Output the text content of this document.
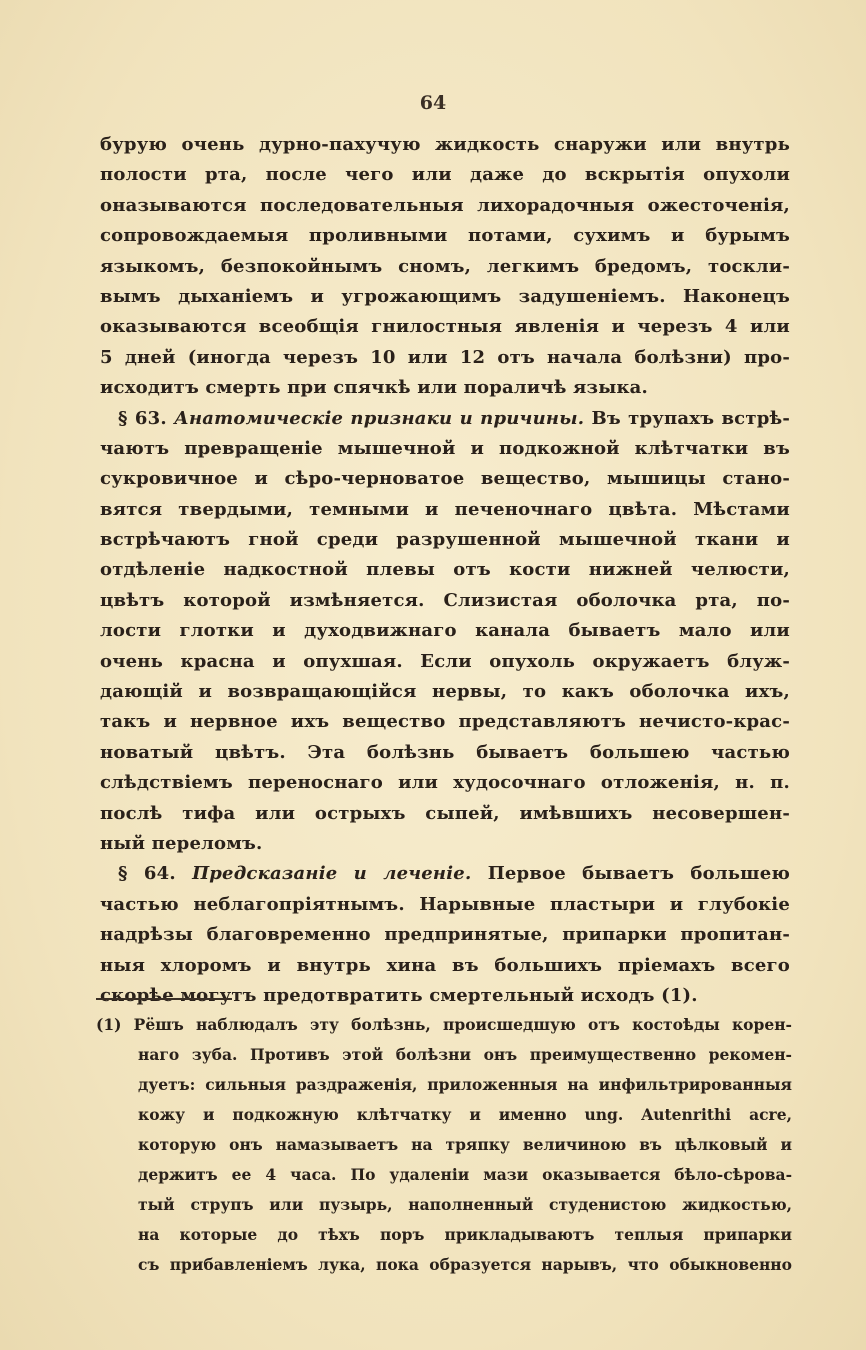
64
бурую очень дурно-пахучую жидкость снаружи или внутрь
полости рта, после чего или даже до вскрытія опухоли
оназываются последовательныя лихорадочныя ожесточенія,
сопровождаемыя проливными потами, сухимъ и бурымъ
языкомъ, безпокойнымъ сномъ, легкимъ бредомъ, тоскли-
вымъ дыханіемъ и угрожающимъ задушеніемъ. Наконецъ
оказываются всеобщія гнилостныя явленія и черезъ 4 или
5 дней (иногда черезъ 10 или 12 отъ начала болѣзни) про-
исходитъ смерть при спячкѣ или пораличѣ языка.
§ 63. Анатомическіе признаки и причины. Въ трупахъ встрѣ-
чаютъ превращеніе мышечной и подкожной клѣтчатки въ
сукровичное и сѣро-черноватое вещество, мышицы стано-
вятся твердыми, темными и печеночнаго цвѣта. Мѣстами
встрѣчаютъ гной среди разрушенной мышечной ткани и
отдѣленіе надкостной плевы отъ кости нижней челюсти,
цвѣтъ которой измѣняется. Слизистая оболочка рта, по-
лости глотки и духодвижнаго канала бываетъ мало или
очень красна и опухшая. Если опухоль окружаетъ блуж-
дающій и возвращающійся нервы, то какъ оболочка ихъ,
такъ и нервное ихъ вещество представляютъ нечисто-крас-
новатый цвѣтъ. Эта болѣзнь бываетъ большею частью
слѣдствіемъ переноснаго или худосочнаго отложенія, н. п.
послѣ тифа или острыхъ сыпей, имѣвшихъ несовершен-
ный переломъ.
§ 64. Предсказаніе и леченіе. Первое бываетъ большею
частью неблагопріятнымъ. Нарывные пластыри и глубокіе
надрѣзы благовременно предпринятые, припарки пропитан-
ныя хлоромъ и внутрь хина въ большихъ пріемахъ всего
скорѣе могутъ предотвратить смертельный исходъ (1).
(1) Рёшъ наблюдалъ эту болѣзнь, происшедшую отъ костоѣды корен-
наго зуба. Противъ этой болѣзни онъ преимущественно рекомен-
дуетъ: сильныя раздраженія, приложенныя на инфильтрированныя
кожу и подкожную клѣтчатку и именно ung. Autenrithi acre,
которую онъ намазываетъ на тряпку величиною въ цѣлковый и
держитъ ее 4 часа. По удаленіи мази оказывается бѣло-сѣрова-
тый струпъ или пузырь, наполненный студенистою жидкостью,
на которые до тѣхъ поръ прикладываютъ теплыя припарки
съ прибавленіемъ лука, пока образуется нарывъ, что обыкновенно
